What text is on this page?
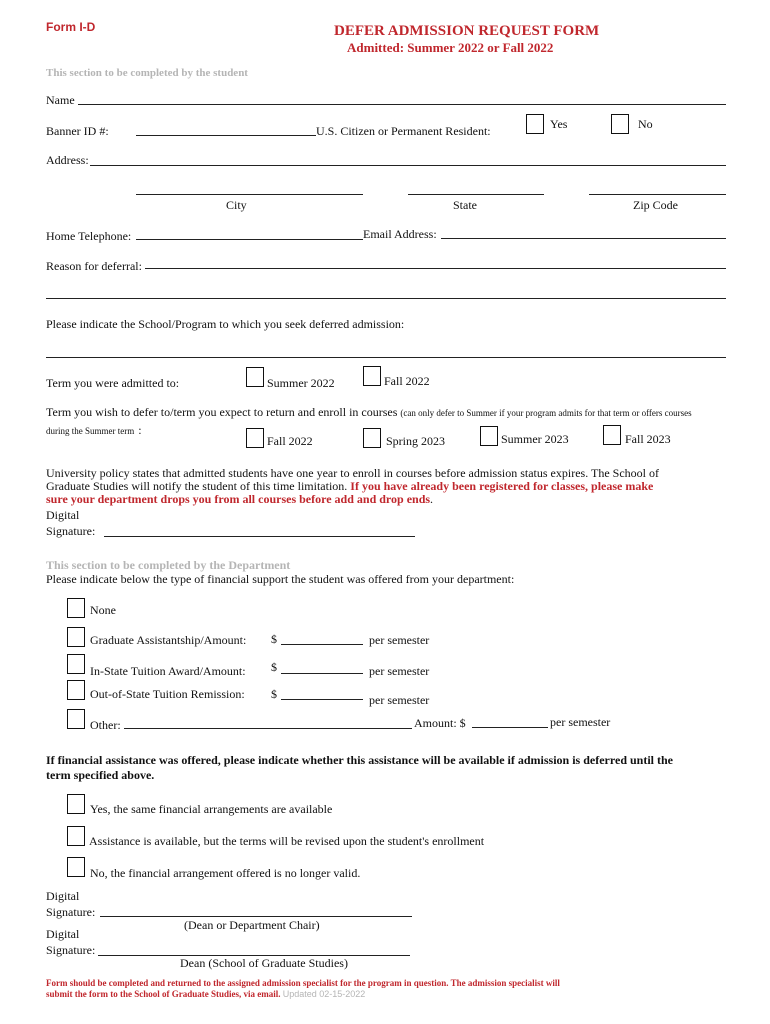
Form I-D	DEFER ADMISSION REQUEST FORM
Admitted: Summer 2022 or Fall 2022
This section to be completed by the student
Name
Banner ID #:	U.S. Citizen or Permanent Resident:	Yes	No
Address:
City	State	Zip Code
Home Telephone:	Email Address:
Reason for deferral:
Please indicate the School/Program to which you seek deferred admission:
Term you were admitted to:	Summer 2022	Fall 2022
Term you wish to defer to/term you expect to return and enroll in courses (can only defer to Summer if your program admits for that term or offers courses
during the Summer term :
Fall 2022	Spring 2023	Summer 2023	Fall 2023
University policy states that admitted students have one year to enroll in courses before admission status expires. The School of
Graduate Studies will notify the student of this time limitation. If you have already been registered for classes, please make
sure your department drops you from all courses before add and drop ends.
Digital
Signature:
This section to be completed by the Department
Please indicate below the type of financial support the student was offered from your department:
None
Graduate Assistantship/Amount: $	per semester
In-State Tuition Award/Amount: $	per semester
Out-of-State Tuition Remission: $	per semester
Other:	Amount: $	per semester
If financial assistance was offered, please indicate whether this assistance will be available if admission is deferred until the
term specified above.
Yes, the same financial arrangements are available
Assistance is available, but the terms will be revised upon the student's enrollment
No, the financial arrangement offered is no longer valid.
Digital
Signature:
(Dean or Department Chair)
Digital
Signature:
Dean (School of Graduate Studies)
Form should be completed and returned to the assigned admission specialist for the program in question. The admission specialist will
submit the form to the School of Graduate Studies, via email. Updated 02-15-2022
